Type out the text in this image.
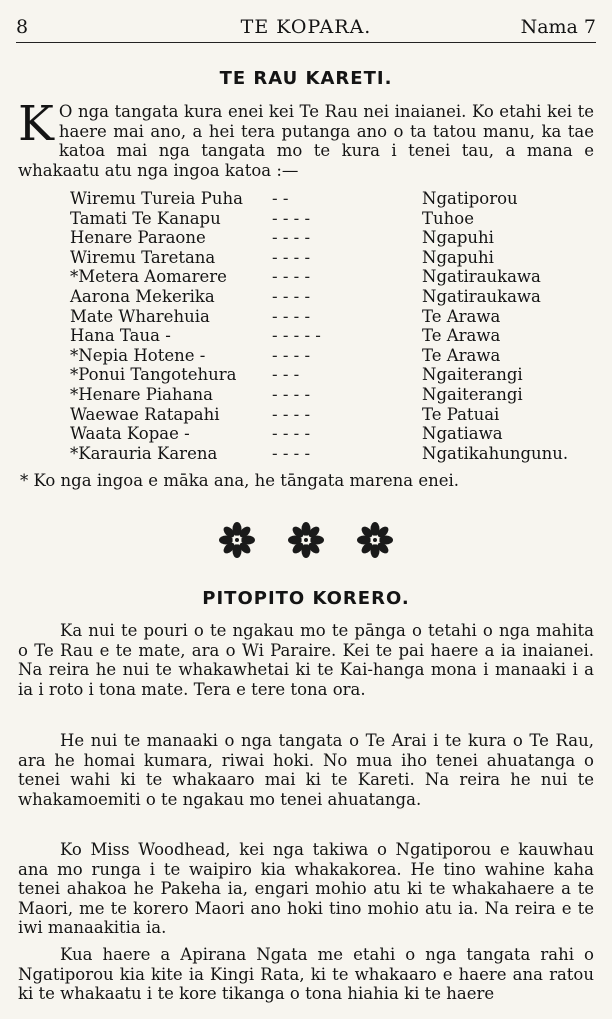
8	TE KOPARA.	Nama 7
TE RAU KARETI.

K O nga tangata kura enei kei Te Rau nei inaianei. Ko etahi kei te haere mai ano, a hei tera putanga ano o ta tatou manu, ka tae katoa mai nga tangata mo te kura i tenei tau, a mana e whakaatu atu nga ingoa katoa :—

Wiremu Tureia Puha - -	Ngatiporou
Tamati Te Kanapu	- - - -	Tuhoe
Henare Paraone	- - - -	Ngapuhi
Wiremu Taretana	- - - -	Ngapuhi
*Metera Aomarere	- - - -	Ngatiraukawa
Aarona Mekerika	- - - -	Ngatiraukawa
Mate Wharehuia	- - - -	Te Arawa
Hana Taua -	- - - - -	Te Arawa
*Nepia Hotene -	- - - -	Te Arawa
*Ponui Tangotehura - - -	Ngaiterangi
*Henare Piahana	- - - -	Ngaiterangi
Waewae Ratapahi	- - - -	Te Patuai
Waata Kopae -	- - - -	Ngatiawa
*Karauria Karena	- - - -	Ngatikahungunu.
* Ko nga ingoa e māka ana, he tāngata marena enei.

PITOPITO KORERO.

Ka nui te pouri o te ngakau mo te pānga o tetahi o nga mahita o Te Rau e te mate, ara o Wi Paraire. Kei te pai haere a ia inaianei. Na reira he nui te whakawhetai ki te Kai-hanga mona i manaaki i a ia i roto i tona mate. Tera e tere tona ora.

He nui te manaaki o nga tangata o Te Arai i te kura o Te Rau, ara he homai kumara, riwai hoki. No mua iho tenei ahuatanga o tenei wahi ki te whakaaro mai ki te Kareti. Na reira he nui te whakamoemiti o te ngakau mo tenei ahuatanga.

Ko Miss Woodhead, kei nga takiwa o Ngatiporou e kauwhau ana mo runga i te waipiro kia whakakorea. He tino wahine kaha tenei ahakoa he Pakeha ia, engari mohio atu ki te whakahaere a te Maori, me te korero Maori ano hoki tino mohio atu ia. Na reira e te iwi manaakitia ia.

Kua haere a Apirana Ngata me etahi o nga tangata rahi o Ngatiporou kia kite ia Kingi Rata, ki te whakaaro e haere ana ratou ki te whakaatu i te kore tikanga o tona hiahia ki te haere
